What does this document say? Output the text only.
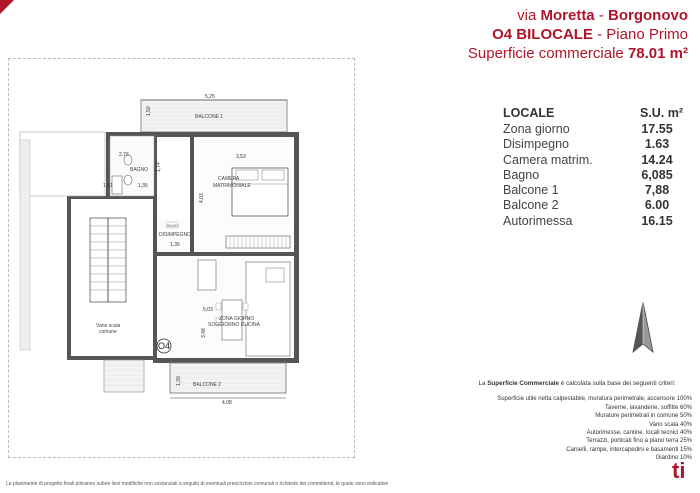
via Moretta - Borgonovo
O4 BILOCALE - Piano Primo
Superficie commerciale 78.01 m²
BALCONE 1
5,25
1,50
BAGNO
2,76
1,41	1,35
1,74
CAMERA
MATRIMONIALE
3,53
4,03
DISIMPEGNO
1,35
80x210
ZONA GIORNO
SOGGIORNO CUCINA
5,03
3,48
O4
Vano scala
comune
BALCONE 2
4,08
1,30
LOCALE	S.U. m²
Zona giorno	17.55
Disimpegno	1.63
Camera matrim.	14.24
Bagno	6,085
Balcone 1	7,88
Balcone 2	6.00
Autorimessa	16.15
La Superficie Commerciale è calcolata sulla base dei seguenti criteri:
Superficie utile netta calpestabile, muratura perimetrale, ascensore 100%
Taverne, lavanderie, soffitte 60%
Murature perimetrali in comune 50%
Vano scala 40%
Autorimesse, cantine, locali tecnici 40%
Terrazzi, porticati fino a piano terra 25%
Carselli, rampe, intercapedini e basamenti 15%
Giardino 10%
Le planimetrie di progetto finali potranno subire lievi modifiche non sostanziali a seguito di eventuali prescrizioni comunali o richieste dei committenti, le quote sono indicative
ti
